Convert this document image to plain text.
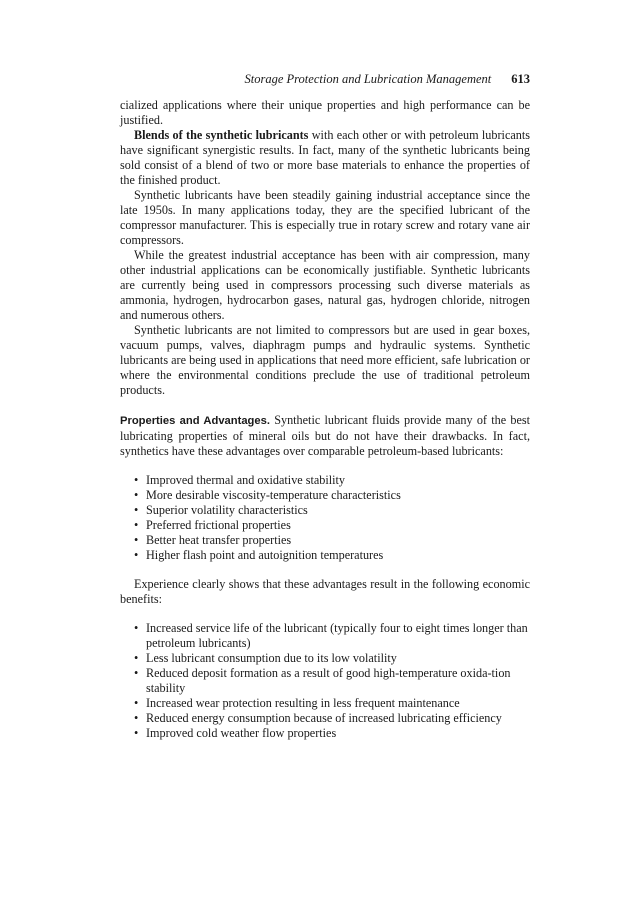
Storage Protection and Lubrication Management 613

cialized applications where their unique properties and high performance can be justified.

Blends of the synthetic lubricants with each other or with petroleum lubricants have significant synergistic results. In fact, many of the synthetic lubricants being sold consist of a blend of two or more base materials to enhance the properties of the finished product.

Synthetic lubricants have been steadily gaining industrial acceptance since the late 1950s. In many applications today, they are the specified lubricant of the compressor manufacturer. This is especially true in rotary screw and rotary vane air compressors.

While the greatest industrial acceptance has been with air compression, many other industrial applications can be economically justifiable. Synthetic lubricants are currently being used in compressors processing such diverse materials as ammonia, hydrogen, hydrocarbon gases, natural gas, hydrogen chloride, nitrogen and numerous others.

Synthetic lubricants are not limited to compressors but are used in gear boxes, vacuum pumps, valves, diaphragm pumps and hydraulic systems. Synthetic lubricants are being used in applications that need more efficient, safe lubrication or where the environmental conditions preclude the use of traditional petroleum products.

Properties and Advantages. Synthetic lubricant fluids provide many of the best lubricating properties of mineral oils but do not have their drawbacks. In fact, synthetics have these advantages over comparable petroleum-based lubricants:

• Improved thermal and oxidative stability
• More desirable viscosity-temperature characteristics
• Superior volatility characteristics
• Preferred frictional properties
• Better heat transfer properties
• Higher flash point and autoignition temperatures

Experience clearly shows that these advantages result in the following economic benefits:

• Increased service life of the lubricant (typically four to eight times longer than petroleum lubricants)
• Less lubricant consumption due to its low volatility
• Reduced deposit formation as a result of good high-temperature oxida-tion stability
• Increased wear protection resulting in less frequent maintenance
• Reduced energy consumption because of increased lubricating efficiency
• Improved cold weather flow properties
